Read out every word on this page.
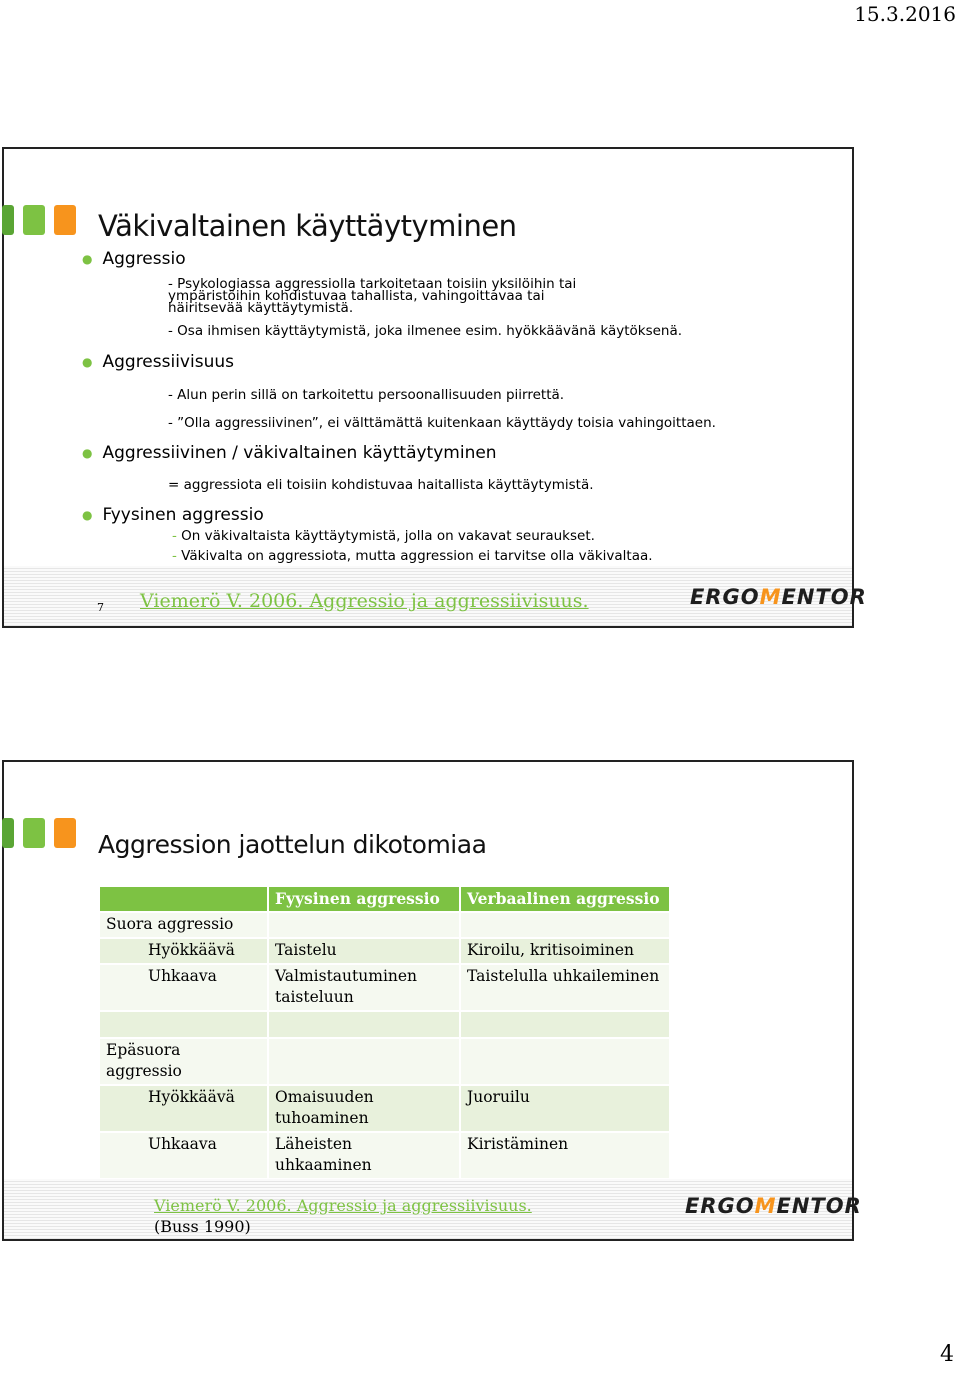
15.3.2016
Väkivaltainen käyttäytyminen
● Aggressio
- Psykologiassa aggressiolla tarkoitetaan toisiin yksilöihin tai ympäristöihin kohdistuvaa tahallista, vahingoittavaa tai häiritsevää käyttäytymistä.
- Osa ihmisen käyttäytymistä, joka ilmenee esim. hyökkäävänä käytöksenä.
● Aggressiivisuus
- Alun perin sillä on tarkoitettu persoonallisuuden piirrettä.
- ”Olla aggressiivinen”, ei välttämättä kuitenkaan käyttäydy toisia vahingoittaen.
● Aggressiivinen / väkivaltainen käyttäytyminen
= aggressiota eli toisiin kohdistuvaa haitallista käyttäytymistä.
● Fyysinen aggressio
- On väkivaltaista käyttäytymistä, jolla on vakavat seuraukset.
- Väkivalta on aggressiota, mutta aggression ei tarvitse olla väkivaltaa.
7 Viemerö V. 2006. Aggressio ja aggressiivisuus.	ERGOMENTOR
Aggression jaottelun dikotomiaa
	Fyysinen aggressio	Verbaalinen aggressio
Suora aggressio		
Hyökkäävä	Taistelu	Kiroilu, kritisoiminen
Uhkaava	Valmistautuminen taisteluun	Taistelulla uhkaileminen

Epäsuora aggressio		
Hyökkäävä	Omaisuuden tuhoaminen	Juoruilu
Uhkaava	Läheisten uhkaaminen	Kiristäminen
Viemerö V. 2006. Aggressio ja aggressiivisuus.
(Buss 1990)
ERGOMENTOR
4
